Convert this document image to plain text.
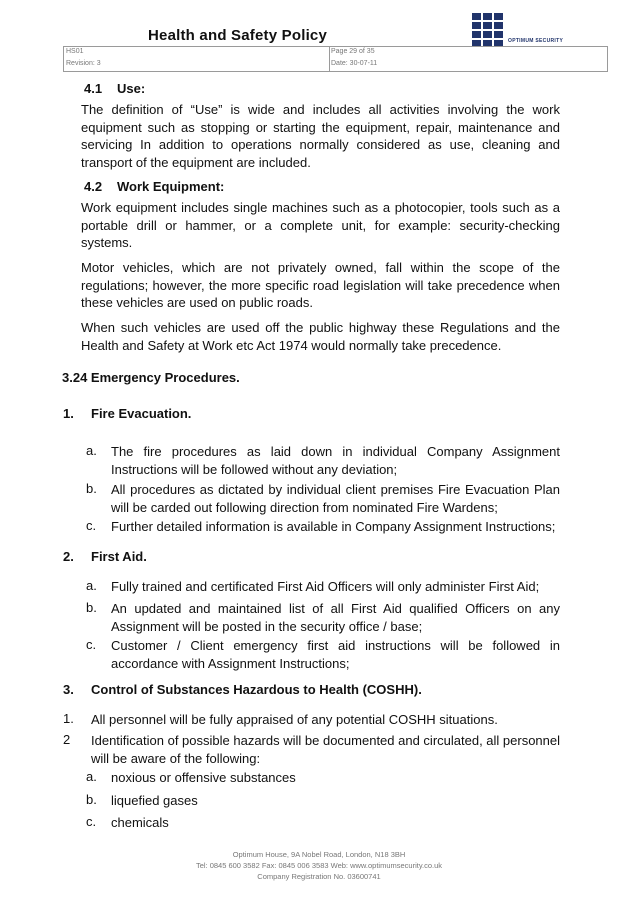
Health and Safety Policy	OPTIMUM SECURITY
HS01
Revision: 3
Page 29 of 35
Date: 30-07-11
4.1 Use:
The definition of “Use” is wide and includes all activities involving the work equipment such as stopping or starting the equipment, repair, maintenance and servicing In addition to operations normally considered as use, cleaning and transport of the equipment are included.
4.2 Work Equipment:
Work equipment includes single machines such as a photocopier, tools such as a portable drill or hammer, or a complete unit, for example: security-checking systems.
Motor vehicles, which are not privately owned, fall within the scope of the regulations; however, the more specific road legislation will take precedence when these vehicles are used on public roads.
When such vehicles are used off the public highway these Regulations and the Health and Safety at Work etc Act 1974 would normally take precedence.
3.24 Emergency Procedures.
1. Fire Evacuation.
a. The fire procedures as laid down in individual Company Assignment Instructions will be followed without any deviation;
b. All procedures as dictated by individual client premises Fire Evacuation Plan will be carded out following direction from nominated Fire Wardens;
c. Further detailed information is available in Company Assignment Instructions;
2. First Aid.
a. Fully trained and certificated First Aid Officers will only administer First Aid;
b. An updated and maintained list of all First Aid qualified Officers on any Assignment will be posted in the security office / base;
c. Customer / Client emergency first aid instructions will be followed in accordance with Assignment Instructions;
3. Control of Substances Hazardous to Health (COSHH).
1. All personnel will be fully appraised of any potential COSHH situations.
2 Identification of possible hazards will be documented and circulated, all personnel will be aware of the following:
a. noxious or offensive substances
b. liquefied gases
c. chemicals
Optimum House, 9A Nobel Road, London, N18 3BH
Tel: 0845 600 3582 Fax: 0845 006 3583 Web: www.optimumsecurity.co.uk
Company Registration No. 03600741
